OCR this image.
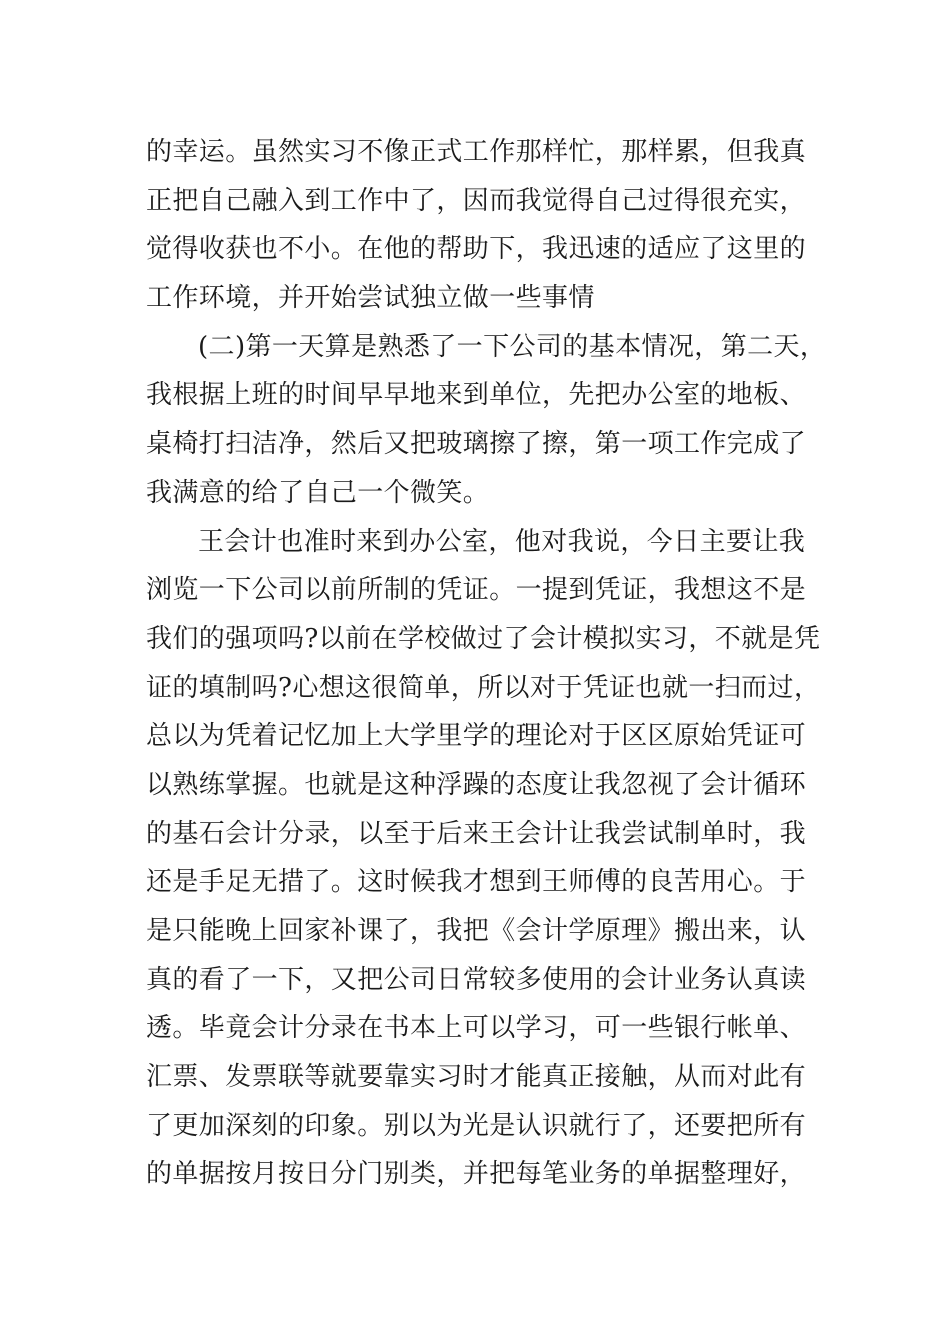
的幸运。虽然实习不像正式工作那样忙，那样累，但我真
正把自己融入到工作中了，因而我觉得自己过得很充实，
觉得收获也不小。在他的帮助下，我迅速的适应了这里的
工作环境，并开始尝试独立做一些事情
(二)第一天算是熟悉了一下公司的基本情况，第二天，
我根据上班的时间早早地来到单位，先把办公室的地板、
桌椅打扫洁净，然后又把玻璃擦了擦，第一项工作完成了
我满意的给了自己一个微笑。
王会计也准时来到办公室，他对我说，今日主要让我
浏览一下公司以前所制的凭证。一提到凭证，我想这不是
我们的强项吗?以前在学校做过了会计模拟实习，不就是凭
证的填制吗?心想这很简单，所以对于凭证也就一扫而过，
总以为凭着记忆加上大学里学的理论对于区区原始凭证可
以熟练掌握。也就是这种浮躁的态度让我忽视了会计循环
的基石会计分录，以至于后来王会计让我尝试制单时，我
还是手足无措了。这时候我才想到王师傅的良苦用心。于
是只能晚上回家补课了，我把《会计学原理》搬出来，认
真的看了一下，又把公司日常较多使用的会计业务认真读
透。毕竟会计分录在书本上可以学习，可一些银行帐单、
汇票、发票联等就要靠实习时才能真正接触，从而对此有
了更加深刻的印象。别以为光是认识就行了，还要把所有
的单据按月按日分门别类，并把每笔业务的单据整理好，
